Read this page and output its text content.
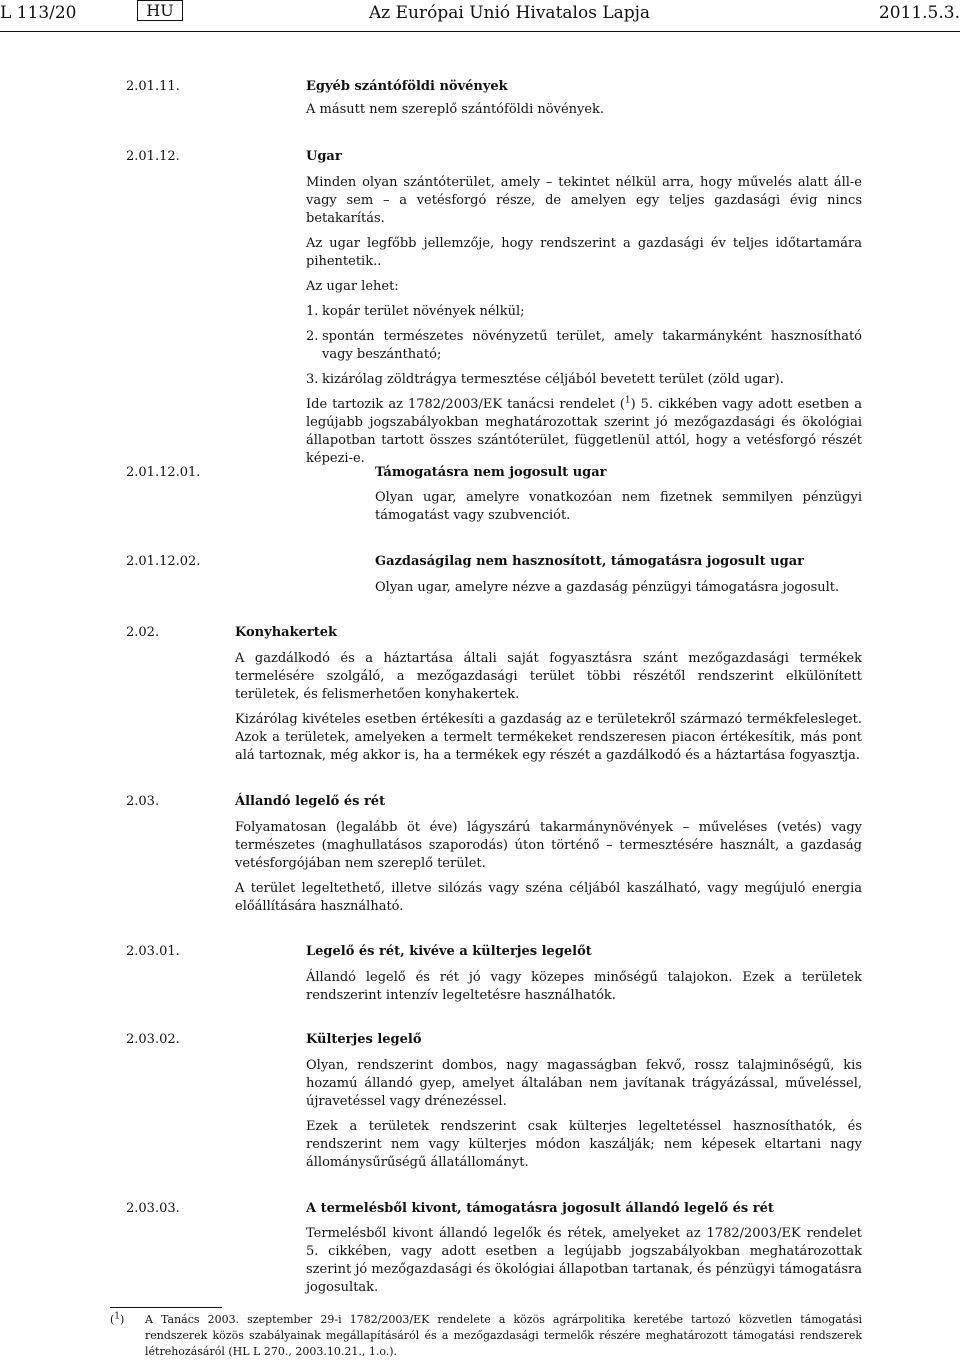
L 113/20	HU	Az Európai Unió Hivatalos Lapja	2011.5.3.
2.01.11.	Egyéb szántóföldi növények

A másutt nem szereplő szántóföldi növények.

2.01.12.	Ugar

Minden olyan szántóterület, amely – tekintet nélkül arra, hogy művelés alatt áll-e vagy sem – a vetésforgó része, de amelyen egy teljes gazdasági évig nincs betakarítás.

Az ugar legfőbb jellemzője, hogy rendszerint a gazdasági év teljes időtartamára pihentetik..

Az ugar lehet:

1. kopár terület növények nélkül;
2. spontán természetes növényzetű terület, amely takarmányként hasznosítható vagy beszántható;
3. kizárólag zöldtrágya termesztése céljából bevetett terület (zöld ugar).

Ide tartozik az 1782/2003/EK tanácsi rendelet ($^1$) 5. cikkében vagy adott esetben a legújabb jogszabályokban meghatározottak szerint jó mezőgazdasági és ökológiai állapotban tartott összes szántóterület, függetlenül attól, hogy a vetésforgó részét képezi-e.

2.01.12.01.	Támogatásra nem jogosult ugar

Olyan ugar, amelyre vonatkozóan nem fizetnek semmilyen pénzügyi támogatást vagy szubvenciót.

2.01.12.02.	Gazdaságilag nem hasznosított, támogatásra jogosult ugar

Olyan ugar, amelyre nézve a gazdaság pénzügyi támogatásra jogosult.

2.02.	Konyhakertek

A gazdálkodó és a háztartása általi saját fogyasztásra szánt mezőgazdasági termékek termelésére szolgáló, a mezőgazdasági terület többi részétől rendszerint elkülönített területek, és felismerhetően konyhakertek.

Kizárólag kivételes esetben értékesíti a gazdaság az e területekről származó termékfelesleget. Azok a területek, amelyeken a termelt termékeket rendszeresen piacon értékesítik, más pont alá tartoznak, még akkor is, ha a termékek egy részét a gazdálkodó és a háztartása fogyasztja.

2.03.	Állandó legelő és rét

Folyamatosan (legalább öt éve) lágyszárú takarmánynövények – műveléses (vetés) vagy természetes (maghullatásos szaporodás) úton történő – termesztésére használt, a gazdaság vetésforgójában nem szereplő terület.

A terület legeltethető, illetve silózás vagy széna céljából kaszálható, vagy megújuló energia előállítására használható.

2.03.01.	Legelő és rét, kivéve a külterjes legelőt

Állandó legelő és rét jó vagy közepes minőségű talajokon. Ezek a területek rendszerint intenzív legeltetésre használhatók.

2.03.02.	Külterjes legelő

Olyan, rendszerint dombos, nagy magasságban fekvő, rossz talajminőségű, kis hozamú állandó gyep, amelyet általában nem javítanak trágyázással, műveléssel, újravetéssel vagy drénezéssel.

Ezek a területek rendszerint csak külterjes legeltetéssel hasznosíthatók, és rendszerint nem vagy külterjes módon kaszálják; nem képesek eltartani nagy állománysűrűségű állatállományt.

2.03.03.	A termelésből kivont, támogatásra jogosult állandó legelő és rét

Termelésből kivont állandó legelők és rétek, amelyeket az 1782/2003/EK rendelet 5. cikkében, vagy adott esetben a legújabb jogszabályokban meghatározottak szerint jó mezőgazdasági és ökológiai állapotban tartanak, és pénzügyi támogatásra jogosultak.

($^1$) A Tanács 2003. szeptember 29-i 1782/2003/EK rendelete a közös agrárpolitika keretébe tartozó közvetlen támogatási rendszerek közös szabályainak megállapításáról és a mezőgazdasági termelők részére meghatározott támogatási rendszerek létrehozásáról (HL L 270., 2003.10.21., 1.o.).
